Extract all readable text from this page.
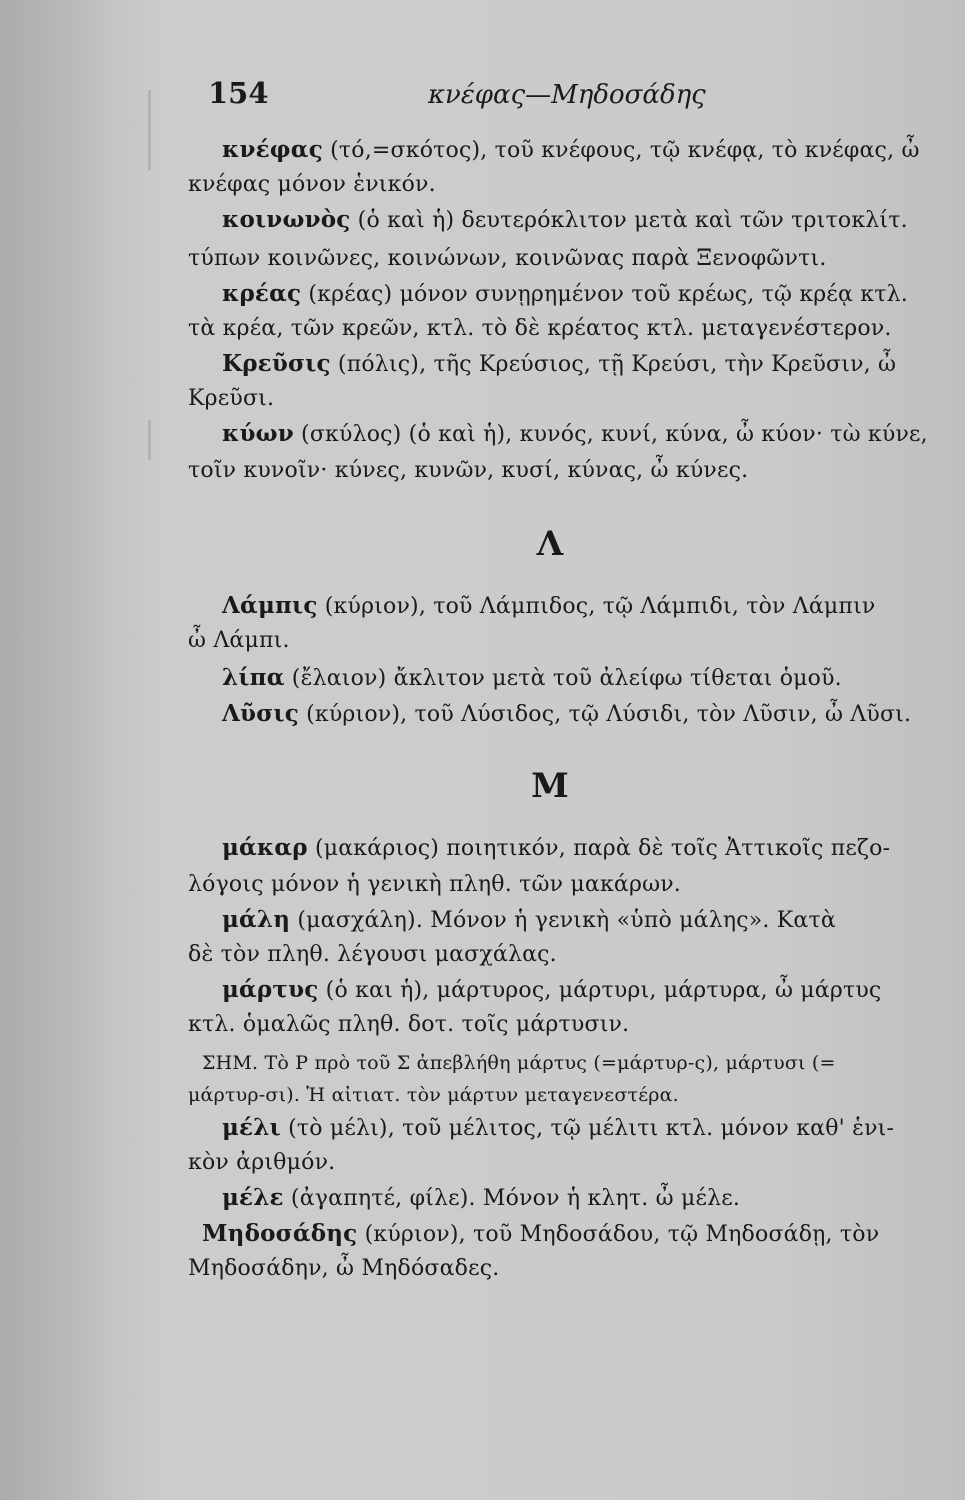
154	κνέφας—Μηδοσάδης
κνέφας (τό,=σκότος), τοῦ κνέφους, τῷ κνέφᾳ, τὸ κνέφας, ὦ
κνέφας μόνον ἑνικόν.
κοινωνὸς (ὁ καὶ ἡ) δευτερόκλιτον μετὰ καὶ τῶν τριτοκλίτ.
τύπων κοινῶνες, κοινώνων, κοινῶνας παρὰ Ξενοφῶντι.
κρέας (κρέας) μόνον συνῃρημένον τοῦ κρέως, τῷ κρέᾳ κτλ.
τὰ κρέα, τῶν κρεῶν, κτλ. τὸ δὲ κρέατος κτλ. μεταγενέστερον.
Κρεῦσις (πόλις), τῆς Κρεύσιος, τῇ Κρεύσι, τὴν Κρεῦσιν, ὦ
Κρεῦσι.
κύων (σκύλος) (ὁ καὶ ἡ), κυνός, κυνί, κύνα, ὦ κύον· τὼ κύνε,
τοῖν κυνοῖν· κύνες, κυνῶν, κυσί, κύνας, ὦ κύνες.
Λ
Λάμπις (κύριον), τοῦ Λάμπιδος, τῷ Λάμπιδι, τὸν Λάμπιν
ὦ Λάμπι.
λίπα (ἔλαιον) ἄκλιτον μετὰ τοῦ ἀλείφω τίθεται ὁμοῦ.
Λῦσις (κύριον), τοῦ Λύσιδος, τῷ Λύσιδι, τὸν Λῦσιν, ὦ Λῦσι.
Μ
μάκαρ (μακάριος) ποιητικόν, παρὰ δὲ τοῖς Ἀττικοῖς πεζο-
λόγοις μόνον ἡ γενικὴ πληθ. τῶν μακάρων.
μάλη (μασχάλη). Μόνον ἡ γενικὴ «ὑπὸ μάλης». Κατὰ
δὲ τὸν πληθ. λέγουσι μασχάλας.
μάρτυς (ὁ και ἡ), μάρτυρος, μάρτυρι, μάρτυρα, ὦ μάρτυς
κτλ. ὁμαλῶς πληθ. δοτ. τοῖς μάρτυσιν.
ΣΗΜ. Τὸ Ρ πρὸ τοῦ Σ ἀπεβλήθη μάρτυς (=μάρτυρ-ς), μάρτυσι (=
μάρτυρ-σι). Ἡ αἰτιατ. τὸν μάρτυν μεταγενεστέρα.
μέλι (τὸ μέλι), τοῦ μέλιτος, τῷ μέλιτι κτλ. μόνον καθ' ἑνι-
κὸν ἀριθμόν.
μέλε (ἀγαπητέ, φίλε). Μόνον ἡ κλητ. ὦ μέλε.
Μηδοσάδης (κύριον), τοῦ Μηδοσάδου, τῷ Μηδοσάδῃ, τὸν
Μηδοσάδην, ὦ Μηδόσαδες.
